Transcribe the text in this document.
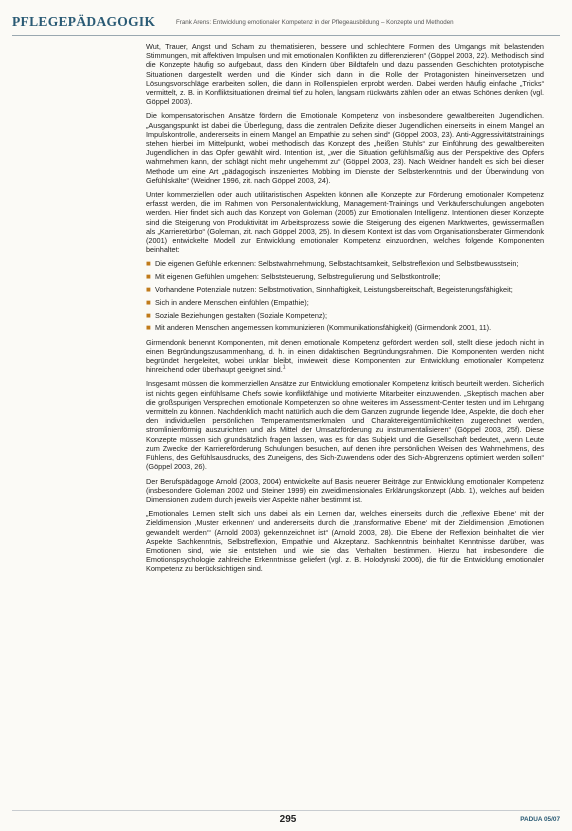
PFLEGEPÄDAGOGIK	Frank Arens: Entwicklung emotionaler Kompetenz in der Pflegeausbildung – Konzepte und Methoden

Wut, Trauer, Angst und Scham zu thematisieren, bessere und schlechtere Formen des Umgangs mit belastenden Stimmungen, mit affektiven Impulsen und mit emotionalen Konflikten zu differenzieren“ (Göppel 2003, 22). Methodisch sind die Konzepte häufig so aufgebaut, dass den Kindern über Bildtafeln und dazu passenden Geschichten prototypische Situationen dargestellt werden und die Kinder sich dann in die Rolle der Protagonisten hineinversetzen und Lösungsvorschläge erarbeiten sollen, die dann in Rollenspielen erprobt werden. Dabei werden häufig einfache „Tricks“ vermittelt, z. B. in Konfliktsituationen dreimal tief zu holen, langsam rückwärts zählen oder an etwas Schönes denken (vgl. Göppel 2003).

Die kompensatorischen Ansätze fördern die Emotionale Kompetenz von insbesondere gewaltbereiten Jugendlichen. „Ausgangspunkt ist dabei die Überlegung, dass die zentralen Defizite dieser Jugendlichen einerseits in einem Mangel an Impulskontrolle, andererseits in einem Mangel an Empathie zu sehen sind“ (Göppel 2003, 23). Anti-Aggressivitätstrainings stehen hierbei im Mittelpunkt, wobei methodisch das Konzept des „heißen Stuhls“ zur Einführung des gewaltbereiten Jugendlichen in das Opfer gewählt wird. Intention ist, „wer die Situation gefühlsmäßig aus der Perspektive des Opfers wahrnehmen kann, der schlägt nicht mehr ungehemmt zu“ (Göppel 2003, 23). Nach Weidner handelt es sich bei dieser Methode um eine Art „pädagogisch inszeniertes Mobbing im Dienste der Selbsterkenntnis und der Überwindung von Gefühlskälte“ (Weidner 1996, zit. nach Göppel 2003, 24).

Unter kommerziellen oder auch utilitaristischen Aspekten können alle Konzepte zur Förderung emotionaler Kompetenz erfasst werden, die im Rahmen von Personalentwicklung, Management-Trainings und Verkäuferschulungen angeboten werden. Hier findet sich auch das Konzept von Goleman (2005) zur Emotionalen Intelligenz. Intentionen dieser Konzepte sind die Steigerung von Produktivität im Arbeitsprozess sowie die Steigerung des eigenen Marktwertes, gewissermaßen als „Karrieretürbo“ (Goleman, zit. nach Göppel 2003, 25). In diesem Kontext ist das vom Organisationsberater Girmendonk (2001) entwickelte Modell zur Entwicklung emotionaler Kompetenz einzuordnen, welches folgende Komponenten beinhaltet:

■ Die eigenen Gefühle erkennen: Selbstwahrnehmung, Selbstachtsamkeit, Selbstreflexion und Selbstbewusstsein;
■ Mit eigenen Gefühlen umgehen: Selbststeuerung, Selbstregulierung und Selbstkontrolle;
■ Vorhandene Potenziale nutzen: Selbstmotivation, Sinnhaftigkeit, Leistungsbereitschaft, Begeisterungsfähigkeit;
■ Sich in andere Menschen einfühlen (Empathie);
■ Soziale Beziehungen gestalten (Soziale Kompetenz);
■ Mit anderen Menschen angemessen kommunizieren (Kommunikationsfähigkeit) (Girmendonk 2001, 11).

Girmendonk benennt Komponenten, mit denen emotionale Kompetenz gefördert werden soll, stellt diese jedoch nicht in einen Begründungszusammenhang, d. h. in einen didaktischen Begründungsrahmen. Die Komponenten werden nicht begründet hergeleitet, wobei unklar bleibt, inwieweit diese Komponenten zur Entwicklung emotionaler Kompetenz hinreichend oder überhaupt geeignet sind.$^1$

Insgesamt müssen die kommerziellen Ansätze zur Entwicklung emotionaler Kompetenz kritisch beurteilt werden. Sicherlich ist nichts gegen einfühlsame Chefs sowie konfliktfähige und motivierte Mitarbeiter einzuwenden. „Skeptisch machen aber die großspurigen Versprechen emotionale Kompetenzen so ohne weiteres im Assessment-Center testen und im Lehrgang vermitteln zu können. Nachdenklich macht natürlich auch die dem Ganzen zugrunde liegende Idee, Aspekte, die doch eher den individuellen persönlichen Temperamentsmerkmalen und Charaktereigentümlichkeiten zugerechnet werden, stromlinienförmig auszurichten und als Mittel der Umsatzförderung zu instrumentalisieren“ (Göppel 2003, 25f). Diese Konzepte müssen sich grundsätzlich fragen lassen, was es für das Subjekt und die Gesellschaft bedeutet, „wenn Leute zum Zwecke der Karriereförderung Schulungen besuchen, auf denen ihre persönlichen Weisen des Wahrnehmens, des Fühlens, des Gefühlsausdrucks, des Zuneigens, des Sich-Zuwendens oder des Sich-Abgrenzens optimiert werden sollen“ (Göppel 2003, 26).

Der Berufspädagoge Arnold (2003, 2004) entwickelte auf Basis neuerer Beiträge zur Entwicklung emotionaler Kompetenz (insbesondere Goleman 2002 und Steiner 1999) ein zweidimensionales Erklärungskonzept (Abb. 1), welches auf beiden Dimensionen zudem durch jeweils vier Aspekte näher bestimmt ist.

„Emotionales Lernen stellt sich uns dabei als ein Lernen dar, welches einerseits durch die ‚reflexive Ebene‘ mit der Zieldimension ‚Muster erkennen‘ und andererseits durch die ‚transformative Ebene‘ mit der Zieldimension ‚Emotionen gewandelt werden‘“ (Arnold 2003) gekennzeichnet ist“ (Arnold 2003, 28). Die Ebene der Reflexion beinhaltet die vier Aspekte Sachkenntnis, Selbstreflexion, Empathie und Akzeptanz. Sachkenntnis beinhaltet Kenntnisse darüber, was Emotionen sind, wie sie entstehen und wie sie das Verhalten bestimmen. Hierzu hat insbesondere die Emotionspsychologie zahlreiche Erkenntnisse geliefert (vgl. z. B. Holodynski 2006), die für die Entwicklung emotionaler Kompetenz zu berücksichtigen sind.

295	PADUA 05/07
